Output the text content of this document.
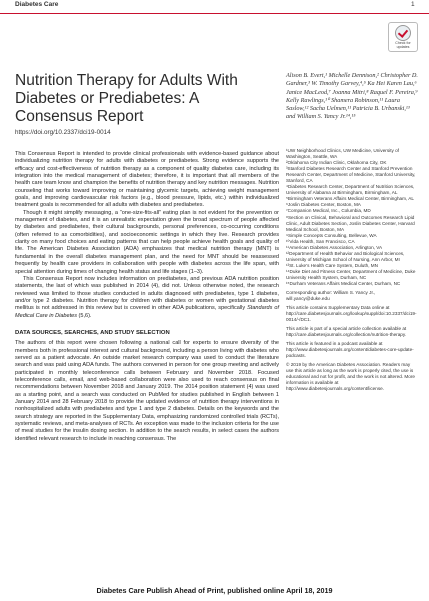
Diabetes Care	1
Check for updates
Nutrition Therapy for Adults With Diabetes or Prediabetes: A Consensus Report
https://doi.org/10.2337/dci19-0014
Alison B. Evert,¹ Michelle Dennison,² Christopher D. Gardner,³ W. Timothy Garvey,⁴,⁵ Ka Hei Karen Lau,⁶ Janice MacLeod,⁷ Joanna Mitri,⁸ Raquel F. Pereira,⁹ Kelly Rawlings,¹⁰ Shamera Robinson,¹¹ Laura Saslow,¹² Sacha Uelmen,¹¹ Patricia B. Urbanski,¹³ and William S. Yancy Jr.¹⁴,¹⁵

This Consensus Report is intended to provide clinical professionals with evidence-based guidance about individualizing nutrition therapy for adults with diabetes or prediabetes. Strong evidence supports the efficacy and cost-effectiveness of nutrition therapy as a component of quality diabetes care, including its integration into the medical management of diabetes; therefore, it is important that all members of the health care team know and champion the benefits of nutrition therapy and key nutrition messages. Nutrition counseling that works toward improving or maintaining glycemic targets, achieving weight management goals, and improving cardiovascular risk factors (e.g., blood pressure, lipids, etc.) within individualized treatment goals is recommended for all adults with diabetes and prediabetes.

Though it might simplify messaging, a “one-size-fits-all” eating plan is not evident for the prevention or management of diabetes, and it is an unrealistic expectation given the broad spectrum of people affected by diabetes and prediabetes, their cultural backgrounds, personal preferences, co-occurring conditions (often referred to as comorbidities), and socioeconomic settings in which they live. Research provides clarity on many food choices and eating patterns that can help people achieve health goals and quality of life. The American Diabetes Association (ADA) emphasizes that medical nutrition therapy (MNT) is fundamental in the overall diabetes management plan, and the need for MNT should be reassessed frequently by health care providers in collaboration with people with diabetes across the life span, with special attention during times of changing health status and life stages (1–3).

This Consensus Report now includes information on prediabetes, and previous ADA nutrition position statements, the last of which was published in 2014 (4), did not. Unless otherwise noted, the research reviewed was limited to those studies conducted in adults diagnosed with prediabetes, type 1 diabetes, and/or type 2 diabetes. Nutrition therapy for children with diabetes or women with gestational diabetes mellitus is not addressed in this review but is covered in other ADA publications, specifically Standards of Medical Care in Diabetes (5,6).

DATA SOURCES, SEARCHES, AND STUDY SELECTION

The authors of this report were chosen following a national call for experts to ensure diversity of the members both in professional interest and cultural background, including a person living with diabetes who served as a patient advocate. An outside market research company was used to conduct the literature search and was paid using ADA funds. The authors convened in person for one group meeting and actively participated in monthly teleconference calls between February and November 2018. Focused teleconference calls, email, and web-based collaboration were also used to reach consensus on final recommendations between November 2018 and January 2019. The 2014 position statement (4) was used as a starting point, and a search was conducted on PubMed for studies published in English between 1 January 2014 and 28 February 2018 to provide the updated evidence of nutrition therapy interventions in nonhospitalized adults with prediabetes and type 1 and type 2 diabetes. Details on the keywords and the search strategy are reported in the Supplementary Data, emphasizing randomized controlled trials (RCTs), systematic reviews, and meta-analyses of RCTs. An exception was made to the inclusion criteria for the use of meal studies for the insulin dosing section. In addition to the search results, in select cases the authors identified relevant research to include in reaching consensus. The

¹UW Neighborhood Clinics, UW Medicine, University of Washington, Seattle, WA

²Oklahoma City Indian Clinic, Oklahoma City, OK

³Stanford Diabetes Research Center and Stanford Prevention Research Center, Department of Medicine, Stanford University, Stanford, CA

⁴Diabetes Research Center, Department of Nutrition Sciences, University of Alabama at Birmingham, Birmingham, AL

⁵Birmingham Veterans Affairs Medical Center, Birmingham, AL

⁶Joslin Diabetes Center, Boston, MA

⁷Companion Medical, Inc., Columbia, MD

⁸Section on Clinical, Behavioral and Outcomes Research Lipid Clinic, Adult Diabetes Section, Joslin Diabetes Center, Harvard Medical School, Boston, MA

⁹Simple Concepts Consulting, Bellevue, WA

¹⁰Vida Health, San Francisco, CA

¹¹American Diabetes Association, Arlington, VA

¹²Department of Health Behavior and Biological Sciences, University of Michigan School of Nursing, Ann Arbor, MI

¹³St. Luke’s Health Care System, Duluth, MN

¹⁴Duke Diet and Fitness Center, Department of Medicine, Duke University Health System, Durham, NC

¹⁵Durham Veterans Affairs Medical Center, Durham, NC

Corresponding author: William S. Yancy Jr., will.yancy@duke.edu

This article contains Supplementary Data online at http://care.diabetesjournals.org/lookup/suppl/doi:10.2337/dci19-0014/-/DC1.

This article is part of a special article collection available at http://care.diabetesjournals.org/collection/nutrition-therapy.

This article is featured in a podcast available at http://www.diabetesjournals.org/content/diabetes-core-update-podcasts.

© 2019 by the American Diabetes Association. Readers may use this article as long as the work is properly cited, the use is educational and not for profit, and the work is not altered. More information is available at http://www.diabetesjournals.org/content/license.

Diabetes Care Publish Ahead of Print, published online April 18, 2019
